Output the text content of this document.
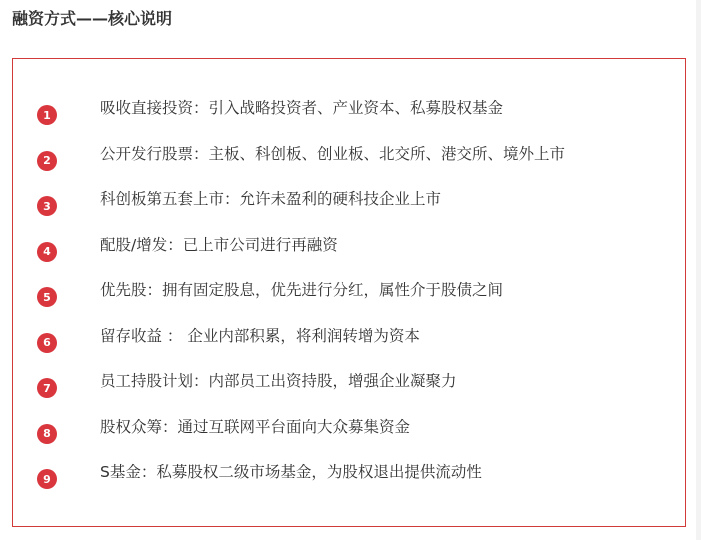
融资方式——核心说明
1	吸收直接投资：引入战略投资者、产业资本、私募股权基金
2	公开发行股票：主板、科创板、创业板、北交所、港交所、境外上市
3	科创板第五套上市：允许未盈利的硬科技企业上市
4	配股/增发：已上市公司进行再融资
5	优先股：拥有固定股息，优先进行分红，属性介于股债之间
6	留存收益 ： 企业内部积累，将利润转增为资本
7	员工持股计划：内部员工出资持股，增强企业凝聚力
8	股权众筹：通过互联网平台面向大众募集资金
9	S基金：私募股权二级市场基金，为股权退出提供流动性
